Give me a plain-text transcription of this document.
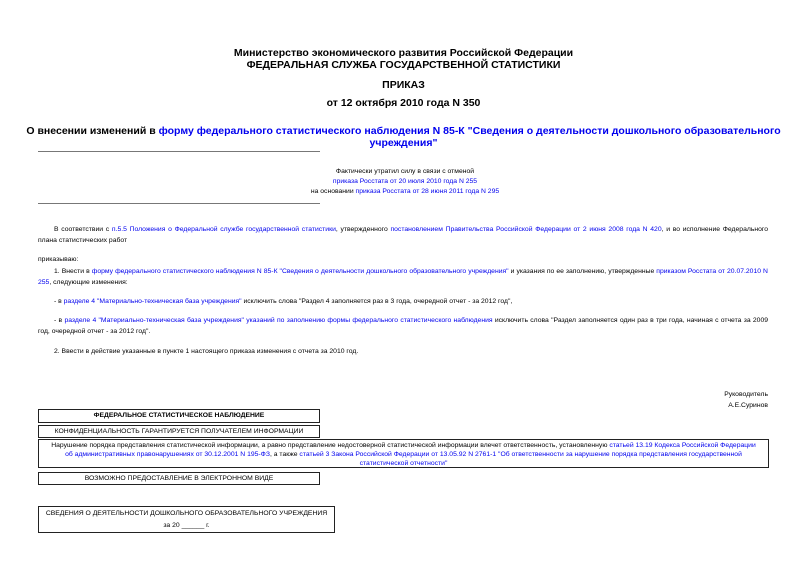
Министерство экономического развития Российской Федерации
ФЕДЕРАЛЬНАЯ СЛУЖБА ГОСУДАРСТВЕННОЙ СТАТИСТИКИ
ПРИКАЗ
от 12 октября 2010 года N 350
О внесении изменений в форму федерального статистического наблюдения N 85-К "Сведения о деятельности дошкольного образовательного учреждения"
Фактически утратил силу в связи с отменой
приказа Росстата от 20 июля 2010 года N 255
на основании приказа Росстата от 28 июня 2011 года N 295
В соответствии с п.5.5 Положения о Федеральной службе государственной статистики, утвержденного постановлением Правительства Российской Федерации от 2 июня 2008 года N 420, и во исполнение Федерального плана статистических работ
приказываю:
1. Внести в форму федерального статистического наблюдения N 85-К "Сведения о деятельности дошкольного образовательного учреждения" и указания по ее заполнению, утвержденные приказом Росстата от 20.07.2010 N 255, следующие изменения:
- в разделе 4 "Материально-техническая база учреждения" исключить слова "Раздел 4 заполняется раз в 3 года, очередной отчет - за 2012 год",
- в разделе 4 "Материально-техническая база учреждения" указаний по заполнению формы федерального статистического наблюдения исключить слова "Раздел заполняется один раз в три года, начиная с отчета за 2009 год, очередной отчет - за 2012 год".
2. Ввести в действие указанные в пункте 1 настоящего приказа изменения с отчета за 2010 год.
Руководитель
А.Е.Суринов
ФЕДЕРАЛЬНОЕ СТАТИСТИЧЕСКОЕ НАБЛЮДЕНИЕ
КОНФИДЕНЦИАЛЬНОСТЬ ГАРАНТИРУЕТСЯ ПОЛУЧАТЕЛЕМ ИНФОРМАЦИИ
Нарушение порядка представления статистической информации, а равно представление недостоверной статистической информации влечет ответственность, установленную статьей 13.19 Кодекса Российской Федерации об административных правонарушениях от 30.12.2001 N 195-ФЗ, а также статьей 3 Закона Российской Федерации от 13.05.92 N 2761-1 "Об ответственности за нарушение порядка представления государственной статистической отчетности"
ВОЗМОЖНО ПРЕДОСТАВЛЕНИЕ В ЭЛЕКТРОННОМ ВИДЕ
СВЕДЕНИЯ О ДЕЯТЕЛЬНОСТИ ДОШКОЛЬНОГО ОБРАЗОВАТЕЛЬНОГО УЧРЕЖДЕНИЯ
за 20 ______ г.
